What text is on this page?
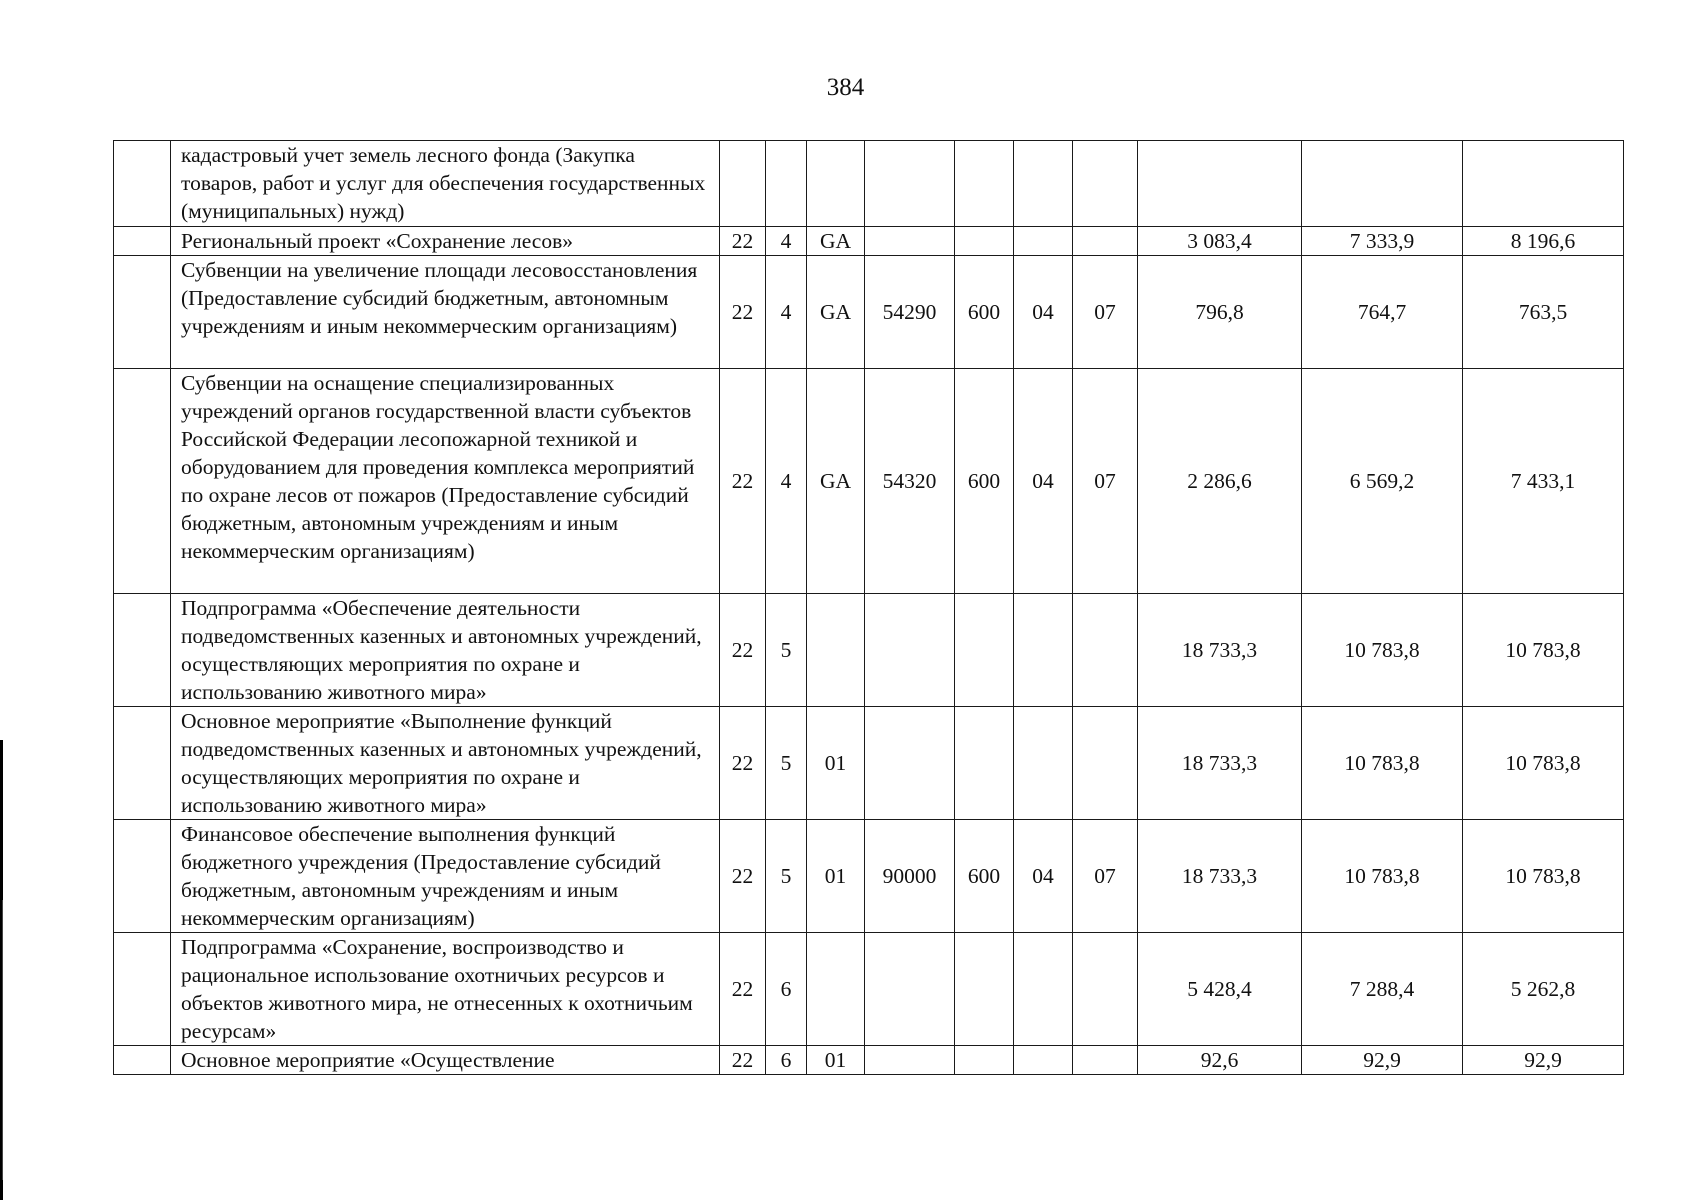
384
	кадастровый учет земель лесного фонда (Закупка товаров, работ и услуг для обеспечения государственных (муниципальных) нужд)										
	Региональный проект «Сохранение лесов»	22	4	GA					3 083,4	7 333,9	8 196,6
	Субвенции на увеличение площади лесовосстановления (Предоставление субсидий бюджетным, автономным учреждениям и иным некоммерческим организациям)	22	4	GA	54290	600	04	07	796,8	764,7	763,5
	Субвенции на оснащение специализированных учреждений органов государственной власти субъектов Российской Федерации лесопожарной техникой и оборудованием для проведения комплекса мероприятий по охране лесов от пожаров (Предоставление субсидий бюджетным, автономным учреждениям и иным некоммерческим организациям)	22	4	GA	54320	600	04	07	2 286,6	6 569,2	7 433,1
	Подпрограмма «Обеспечение деятельности подведомственных казенных и автономных учреждений, осуществляющих мероприятия по охране и использованию животного мира»	22	5						18 733,3	10 783,8	10 783,8
	Основное мероприятие «Выполнение функций подведомственных казенных и автономных учреждений, осуществляющих мероприятия по охране и использованию животного мира»	22	5	01					18 733,3	10 783,8	10 783,8
	Финансовое обеспечение выполнения функций бюджетного учреждения (Предоставление субсидий бюджетным, автономным учреждениям и иным некоммерческим организациям)	22	5	01	90000	600	04	07	18 733,3	10 783,8	10 783,8
	Подпрограмма «Сохранение, воспроизводство и рациональное использование охотничьих ресурсов и объектов животного мира, не отнесенных к охотничьим ресурсам»	22	6						5 428,4	7 288,4	5 262,8
	Основное мероприятие «Осуществление	22	6	01					92,6	92,9	92,9
